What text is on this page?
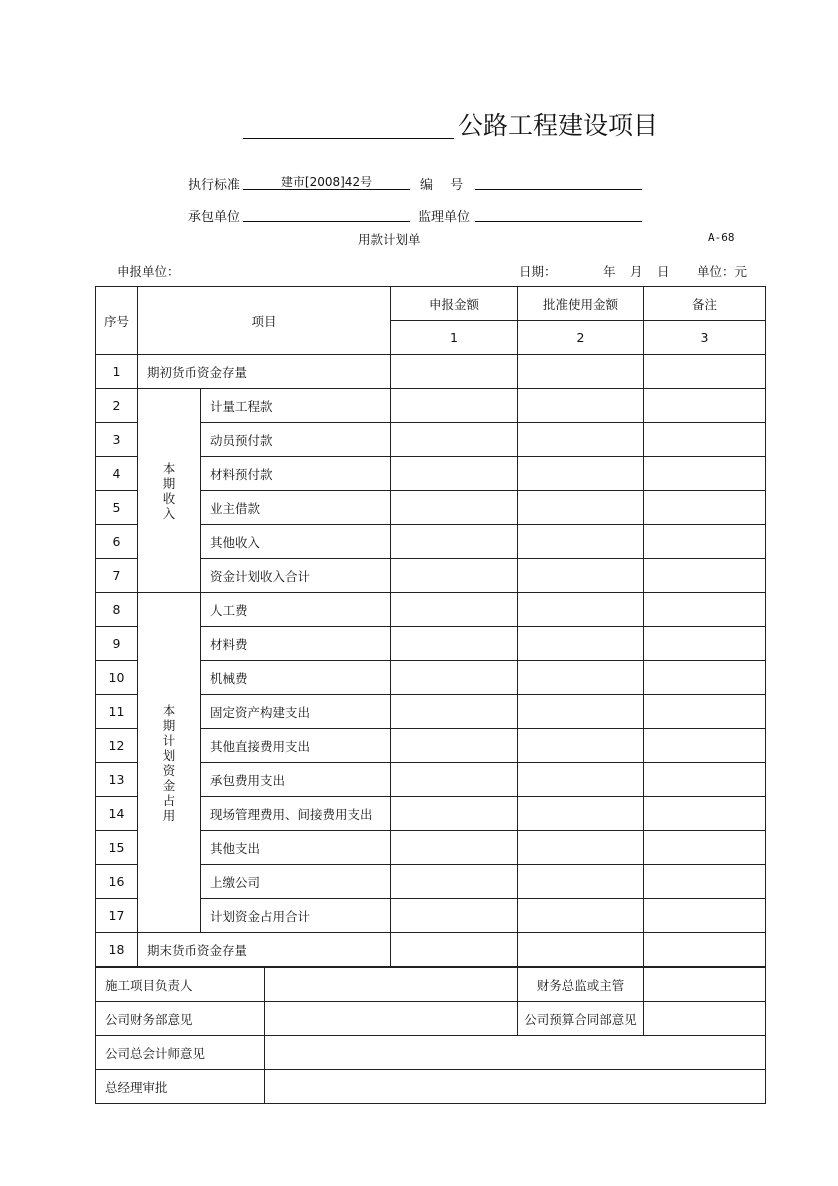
公路工程建设项目
执行标准	建市[2008]42号	编　 号
承包单位	监理单位
用款计划单	A-68
申报单位：	日期：	年 月 日 单位：元
序号	项目		申报金额	批准使用金额	备注
			1	2	3
1	期初货币资金存量				
2	本期收入	计量工程款			
3		动员预付款			
4		材料预付款			
5		业主借款			
6		其他收入			
7		资金计划收入合计			
8	本期计划资金占用	人工费			
9		材料费			
10		机械费			
11		固定资产构建支出			
12		其他直接费用支出			
13		承包费用支出			
14		现场管理费用、间接费用支出			
15		其他支出			
16		上缴公司			
17		计划资金占用合计			
18	期末货币资金存量				
施工项目负责人		财务总监或主管	
公司财务部意见		公司预算合同部意见	
公司总会计师意见			
总经理审批			
